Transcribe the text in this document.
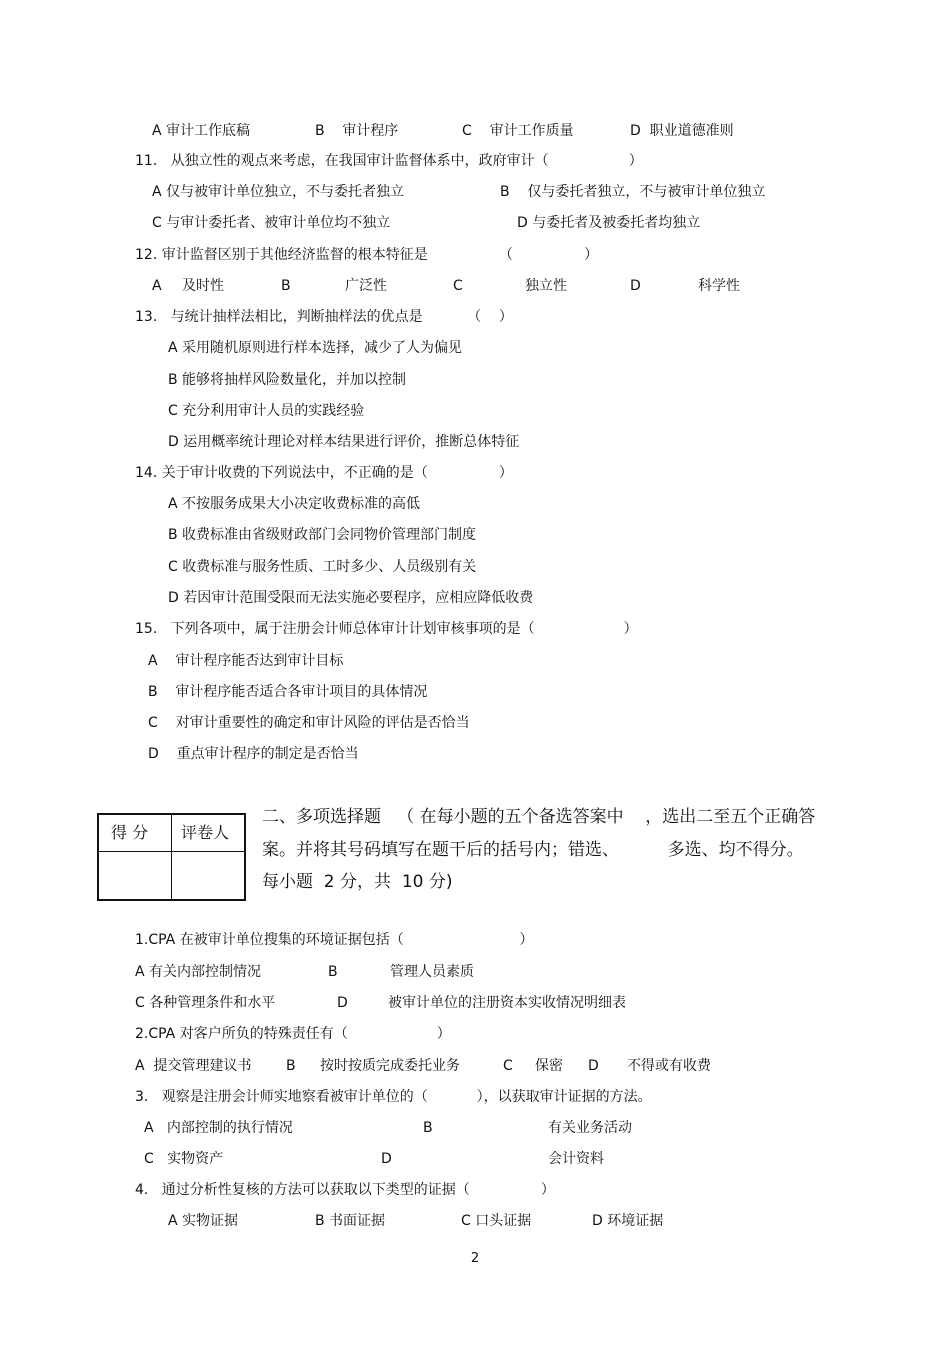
A 审计工作底稿	B    审计程序	C    审计工作质量	D  职业道德准则
11.   从独立性的观点来考虑，在我国审计监督体系中，政府审计（                  ）
A 仅与被审计单位独立，不与委托者独立	B    仅与委托者独立，不与被审计单位独立
C 与审计委托者、被审计单位均不独立	D 与委托者及被委托者均独立
12. 审计监督区别于其他经济监督的根本特征是                （                ）
A 及时性	B	广泛性	C	独立性	D	科学性
13.   与统计抽样法相比，判断抽样法的优点是          （    ）
A 采用随机原则进行样本选择，减少了人为偏见
B 能够将抽样风险数量化，并加以控制
C 充分利用审计人员的实践经验
D 运用概率统计理论对样本结果进行评价，推断总体特征
14. 关于审计收费的下列说法中，不正确的是（                ）
A 不按服务成果大小决定收费标准的高低
B 收费标准由省级财政部门会同物价管理部门制度
C 收费标准与服务性质、工时多少、人员级别有关
D 若因审计范围受限而无法实施必要程序，应相应降低收费
15.   下列各项中，属于注册会计师总体审计计划审核事项的是（                    ）
A    审计程序能否达到审计目标
B    审计程序能否适合各审计项目的具体情况
C    对审计重要性的确定和审计风险的评估是否恰当
D    重点审计程序的制定是否恰当
得 分 评卷人
二、多项选择题   （ 在每小题的五个备选答案中    ，选出二至五个正确答
案。并将其号码填写在题干后的括号内；错选、         多选、均不得分。
每小题  2 分，共  10 分)
1.CPA 在被审计单位搜集的环境证据包括（                          ）
A 有关内部控制情况	B	管理人员素质
C 各种管理条件和水平	D	被审计单位的注册资本实收情况明细表
2.CPA 对客户所负的特殊责任有（                    ）
A  提交管理建议书 B 按时按质完成委托业务	C 保密 D 不得或有收费
3.   观察是注册会计师实地察看被审计单位的（           ），以获取审计证据的方法。
A   内部控制的执行情况	B	有关业务活动
C   实物资产	D	会计资料
4.   通过分析性复核的方法可以获取以下类型的证据（                ）
A 实物证据	B 书面证据	C 口头证据	D 环境证据
2
